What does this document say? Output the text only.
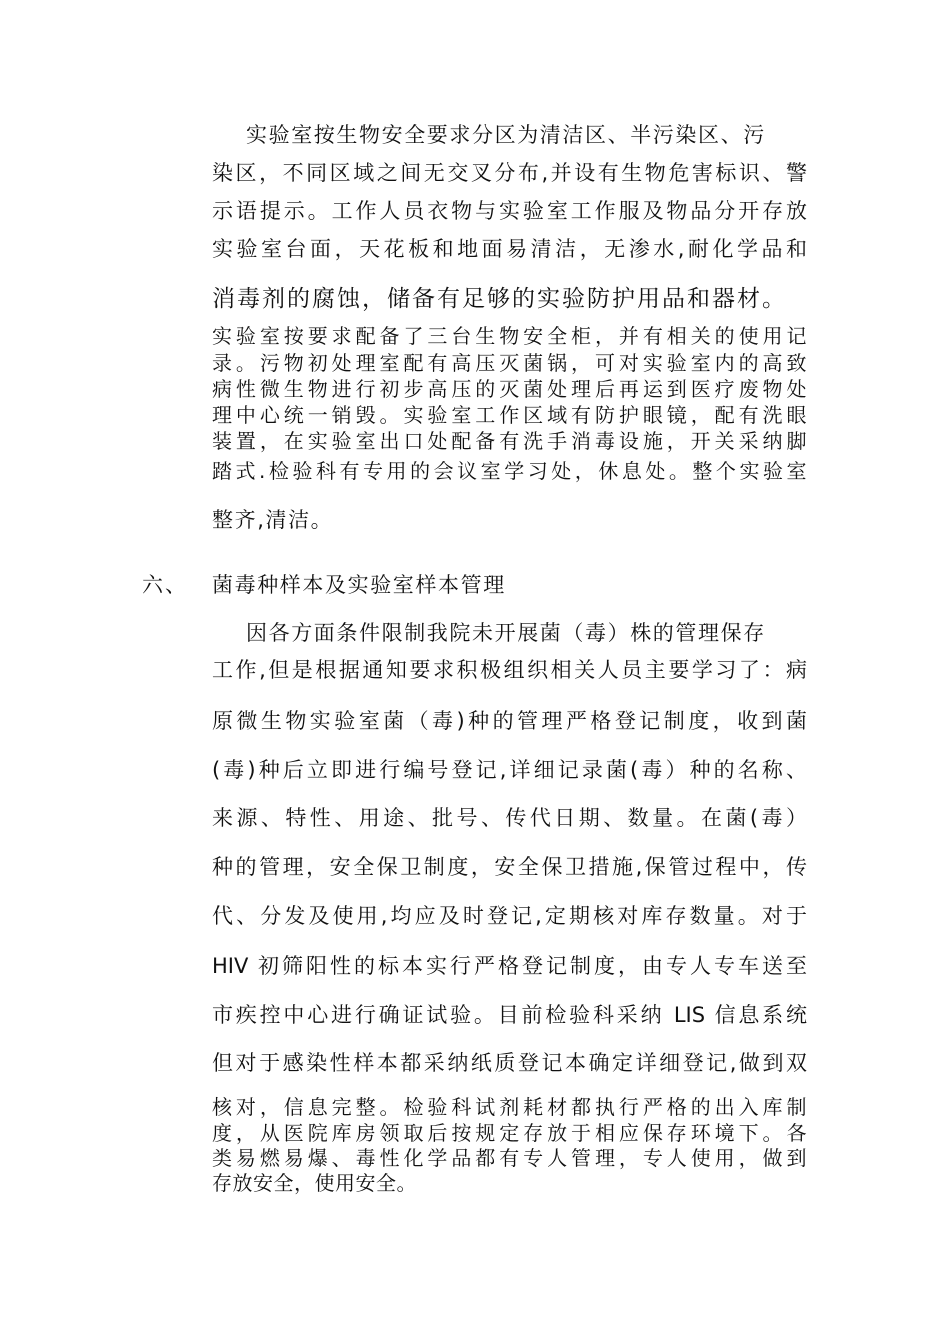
实验室按生物安全要求分区为清洁区、半污染区、污
染区，不同区域之间无交叉分布,并设有生物危害标识、警
示语提示。工作人员衣物与实验室工作服及物品分开存放
实验室台面，天花板和地面易清洁，无渗水,耐化学品和
消毒剂的腐蚀，储备有足够的实验防护用品和器材。
实验室按要求配备了三台生物安全柜，并有相关的使用记
录。污物初处理室配有高压灭菌锅，可对实验室内的高致
病性微生物进行初步高压的灭菌处理后再运到医疗废物处
理中心统一销毁。实验室工作区域有防护眼镜，配有洗眼
装置，在实验室出口处配备有洗手消毒设施，开关采纳脚
踏式.检验科有专用的会议室学习处，休息处。整个实验室
整齐,清洁。
六、 菌毒种样本及实验室样本管理
因各方面条件限制我院未开展菌（毒）株的管理保存
工作,但是根据通知要求积极组织相关人员主要学习了：病
原微生物实验室菌（毒)种的管理严格登记制度，收到菌
(毒)种后立即进行编号登记,详细记录菌(毒）种的名称、
来源、特性、用途、批号、传代日期、数量。在菌(毒）
种的管理，安全保卫制度，安全保卫措施,保管过程中，传
代、分发及使用,均应及时登记,定期核对库存数量。对于
HIV 初筛阳性的标本实行严格登记制度，由专人专车送至
市疾控中心进行确证试验。目前检验科采纳 LIS 信息系统
但对于感染性样本都采纳纸质登记本确定详细登记,做到双
核对，信息完整。检验科试剂耗材都执行严格的出入库制
度，从医院库房领取后按规定存放于相应保存环境下。各
类易燃易爆、毒性化学品都有专人管理，专人使用，做到
存放安全，使用安全。
